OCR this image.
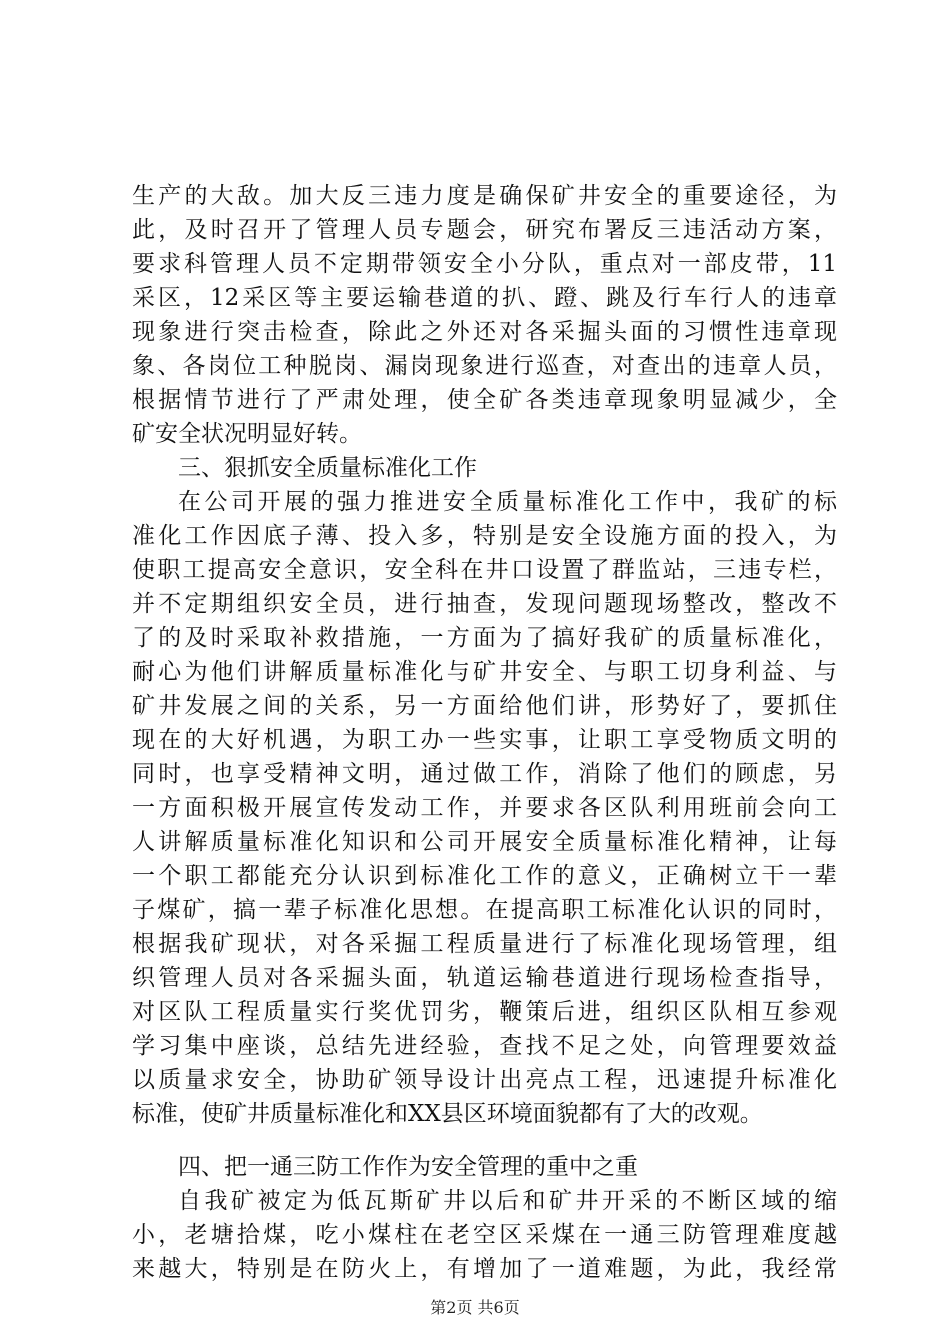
生产的大敌。加大反三违力度是确保矿井安全的重要途径，为
此，及时召开了管理人员专题会，研究布署反三违活动方案，
要求科管理人员不定期带领安全小分队，重点对一部皮带，11
采区，12采区等主要运输巷道的扒、蹬、跳及行车行人的违章
现象进行突击检查，除此之外还对各采掘头面的习惯性违章现
象、各岗位工种脱岗、漏岗现象进行巡查，对查出的违章人员，
根据情节进行了严肃处理，使全矿各类违章现象明显减少，全
矿安全状况明显好转。
三、狠抓安全质量标准化工作
在公司开展的强力推进安全质量标准化工作中，我矿的标
准化工作因底子薄、投入多，特别是安全设施方面的投入，为
使职工提高安全意识，安全科在井口设置了群监站，三违专栏，
并不定期组织安全员，进行抽查，发现问题现场整改，整改不
了的及时采取补救措施，一方面为了搞好我矿的质量标准化，
耐心为他们讲解质量标准化与矿井安全、与职工切身利益、与
矿井发展之间的关系，另一方面给他们讲，形势好了，要抓住
现在的大好机遇，为职工办一些实事，让职工享受物质文明的
同时，也享受精神文明，通过做工作，消除了他们的顾虑，另
一方面积极开展宣传发动工作，并要求各区队利用班前会向工
人讲解质量标准化知识和公司开展安全质量标准化精神，让每
一个职工都能充分认识到标准化工作的意义，正确树立干一辈
子煤矿，搞一辈子标准化思想。在提高职工标准化认识的同时，
根据我矿现状，对各采掘工程质量进行了标准化现场管理，组
织管理人员对各采掘头面，轨道运输巷道进行现场检查指导，
对区队工程质量实行奖优罚劣，鞭策后进，组织区队相互参观
学习集中座谈，总结先进经验，查找不足之处，向管理要效益
以质量求安全，协助矿领导设计出亮点工程，迅速提升标准化
标准，使矿井质量标准化和XX县区环境面貌都有了大的改观。
四、把一通三防工作作为安全管理的重中之重
自我矿被定为低瓦斯矿井以后和矿井开采的不断区域的缩
小，老塘拾煤，吃小煤柱在老空区采煤在一通三防管理难度越
来越大，特别是在防火上，有增加了一道难题，为此，我经常
第2页 共6页
